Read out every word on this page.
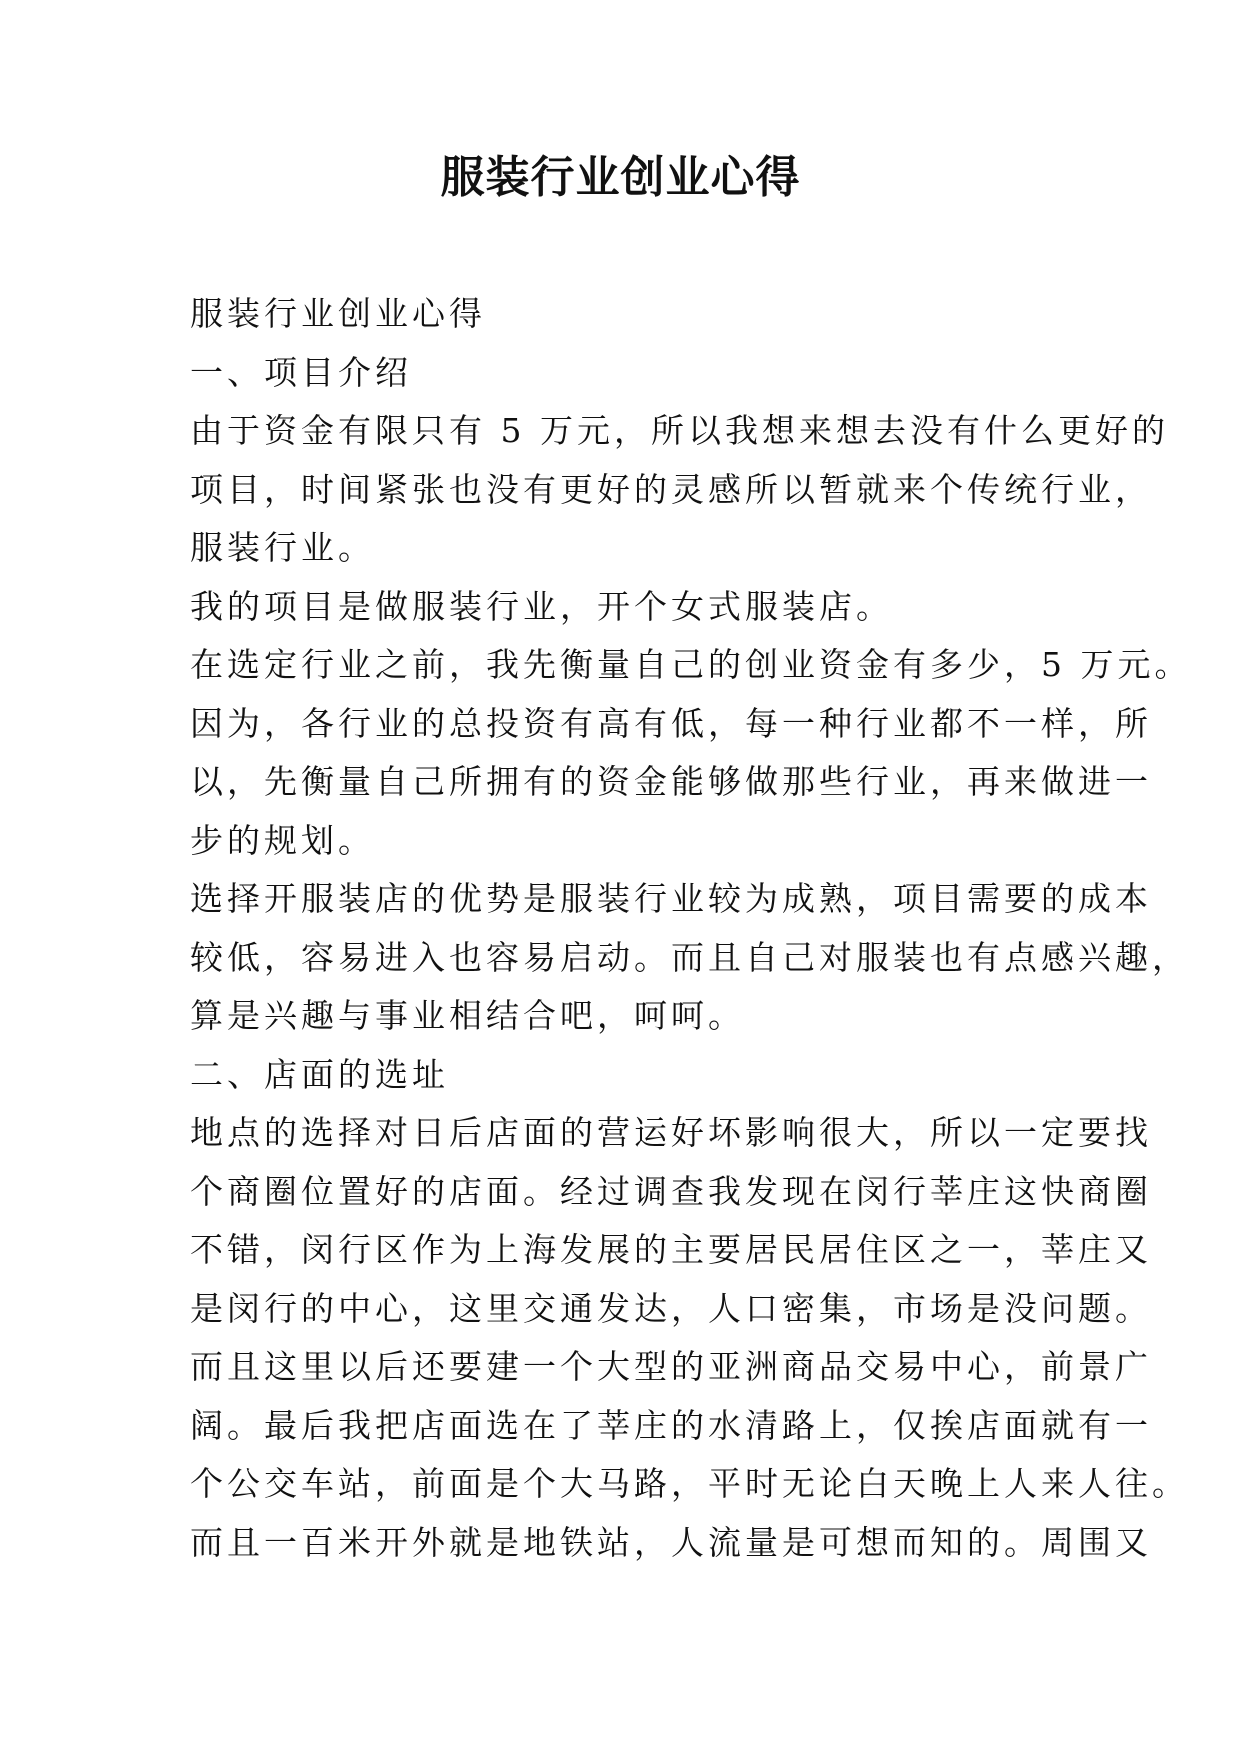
服装行业创业心得
服装行业创业心得
一、项目介绍
由于资金有限只有 5 万元，所以我想来想去没有什么更好的
项目，时间紧张也没有更好的灵感所以暂就来个传统行业，
服装行业。
我的项目是做服装行业，开个女式服装店。
在选定行业之前，我先衡量自己的创业资金有多少，5 万元。
因为，各行业的总投资有高有低，每一种行业都不一样，所
以，先衡量自己所拥有的资金能够做那些行业，再来做进一
步的规划。
选择开服装店的优势是服装行业较为成熟，项目需要的成本
较低，容易进入也容易启动。而且自己对服装也有点感兴趣，
算是兴趣与事业相结合吧，呵呵。
二、店面的选址
地点的选择对日后店面的营运好坏影响很大，所以一定要找
个商圈位置好的店面。经过调查我发现在闵行莘庄这快商圈
不错，闵行区作为上海发展的主要居民居住区之一，莘庄又
是闵行的中心，这里交通发达，人口密集，市场是没问题。
而且这里以后还要建一个大型的亚洲商品交易中心，前景广
阔。最后我把店面选在了莘庄的水清路上，仅挨店面就有一
个公交车站，前面是个大马路，平时无论白天晚上人来人往。
而且一百米开外就是地铁站，人流量是可想而知的。周围又
